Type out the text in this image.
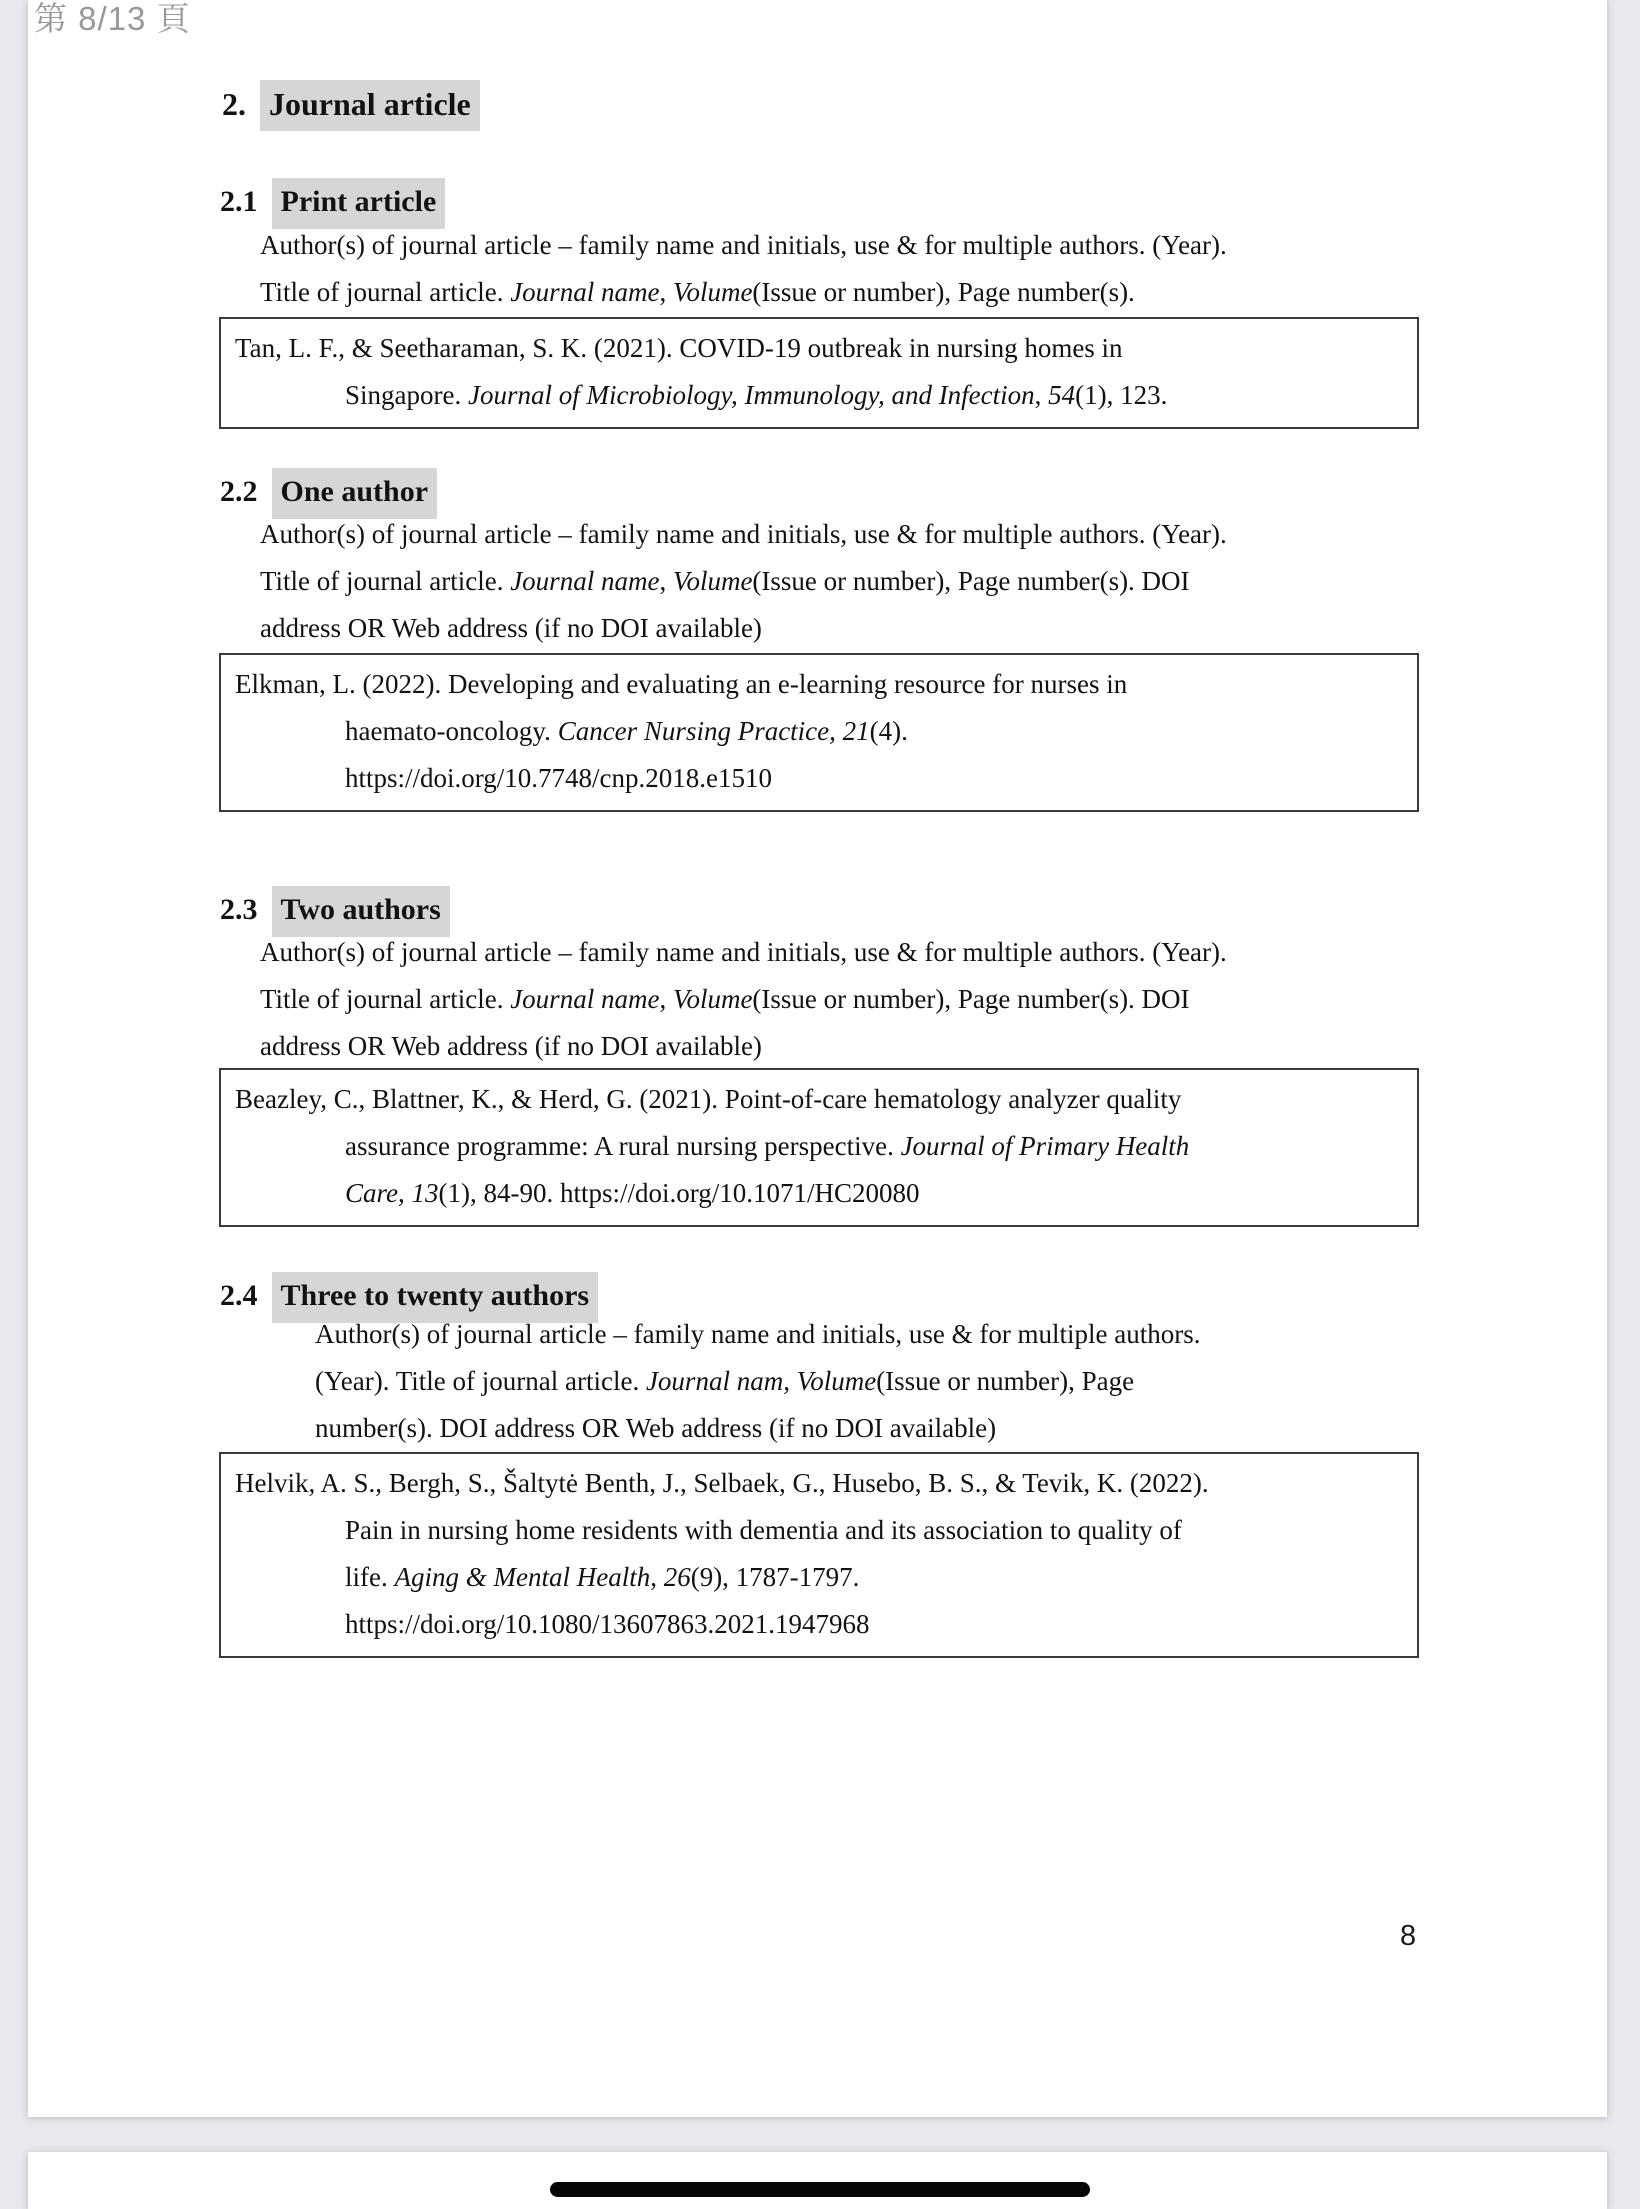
第 8/13 頁
2. Journal article
2.1 Print article
Author(s) of journal article – family name and initials, use & for multiple authors. (Year).
Title of journal article. Journal name, Volume(Issue or number), Page number(s).
Tan, L. F., & Seetharaman, S. K. (2021). COVID-19 outbreak in nursing homes in
Singapore. Journal of Microbiology, Immunology, and Infection, 54(1), 123.
2.2 One author
Author(s) of journal article – family name and initials, use & for multiple authors. (Year).
Title of journal article. Journal name, Volume(Issue or number), Page number(s). DOI
address OR Web address (if no DOI available)
Elkman, L. (2022). Developing and evaluating an e-learning resource for nurses in
haemato-oncology. Cancer Nursing Practice, 21(4).
https://doi.org/10.7748/cnp.2018.e1510
2.3 Two authors
Author(s) of journal article – family name and initials, use & for multiple authors. (Year).
Title of journal article. Journal name, Volume(Issue or number), Page number(s). DOI
address OR Web address (if no DOI available)
Beazley, C., Blattner, K., & Herd, G. (2021). Point-of-care hematology analyzer quality
assurance programme: A rural nursing perspective. Journal of Primary Health
Care, 13(1), 84-90. https://doi.org/10.1071/HC20080
2.4 Three to twenty authors
Author(s) of journal article – family name and initials, use & for multiple authors.
(Year). Title of journal article. Journal nam, Volume(Issue or number), Page
number(s). DOI address OR Web address (if no DOI available)
Helvik, A. S., Bergh, S., Šaltytė Benth, J., Selbaek, G., Husebo, B. S., & Tevik, K. (2022).
Pain in nursing home residents with dementia and its association to quality of
life. Aging & Mental Health, 26(9), 1787-1797.
https://doi.org/10.1080/13607863.2021.1947968
8
